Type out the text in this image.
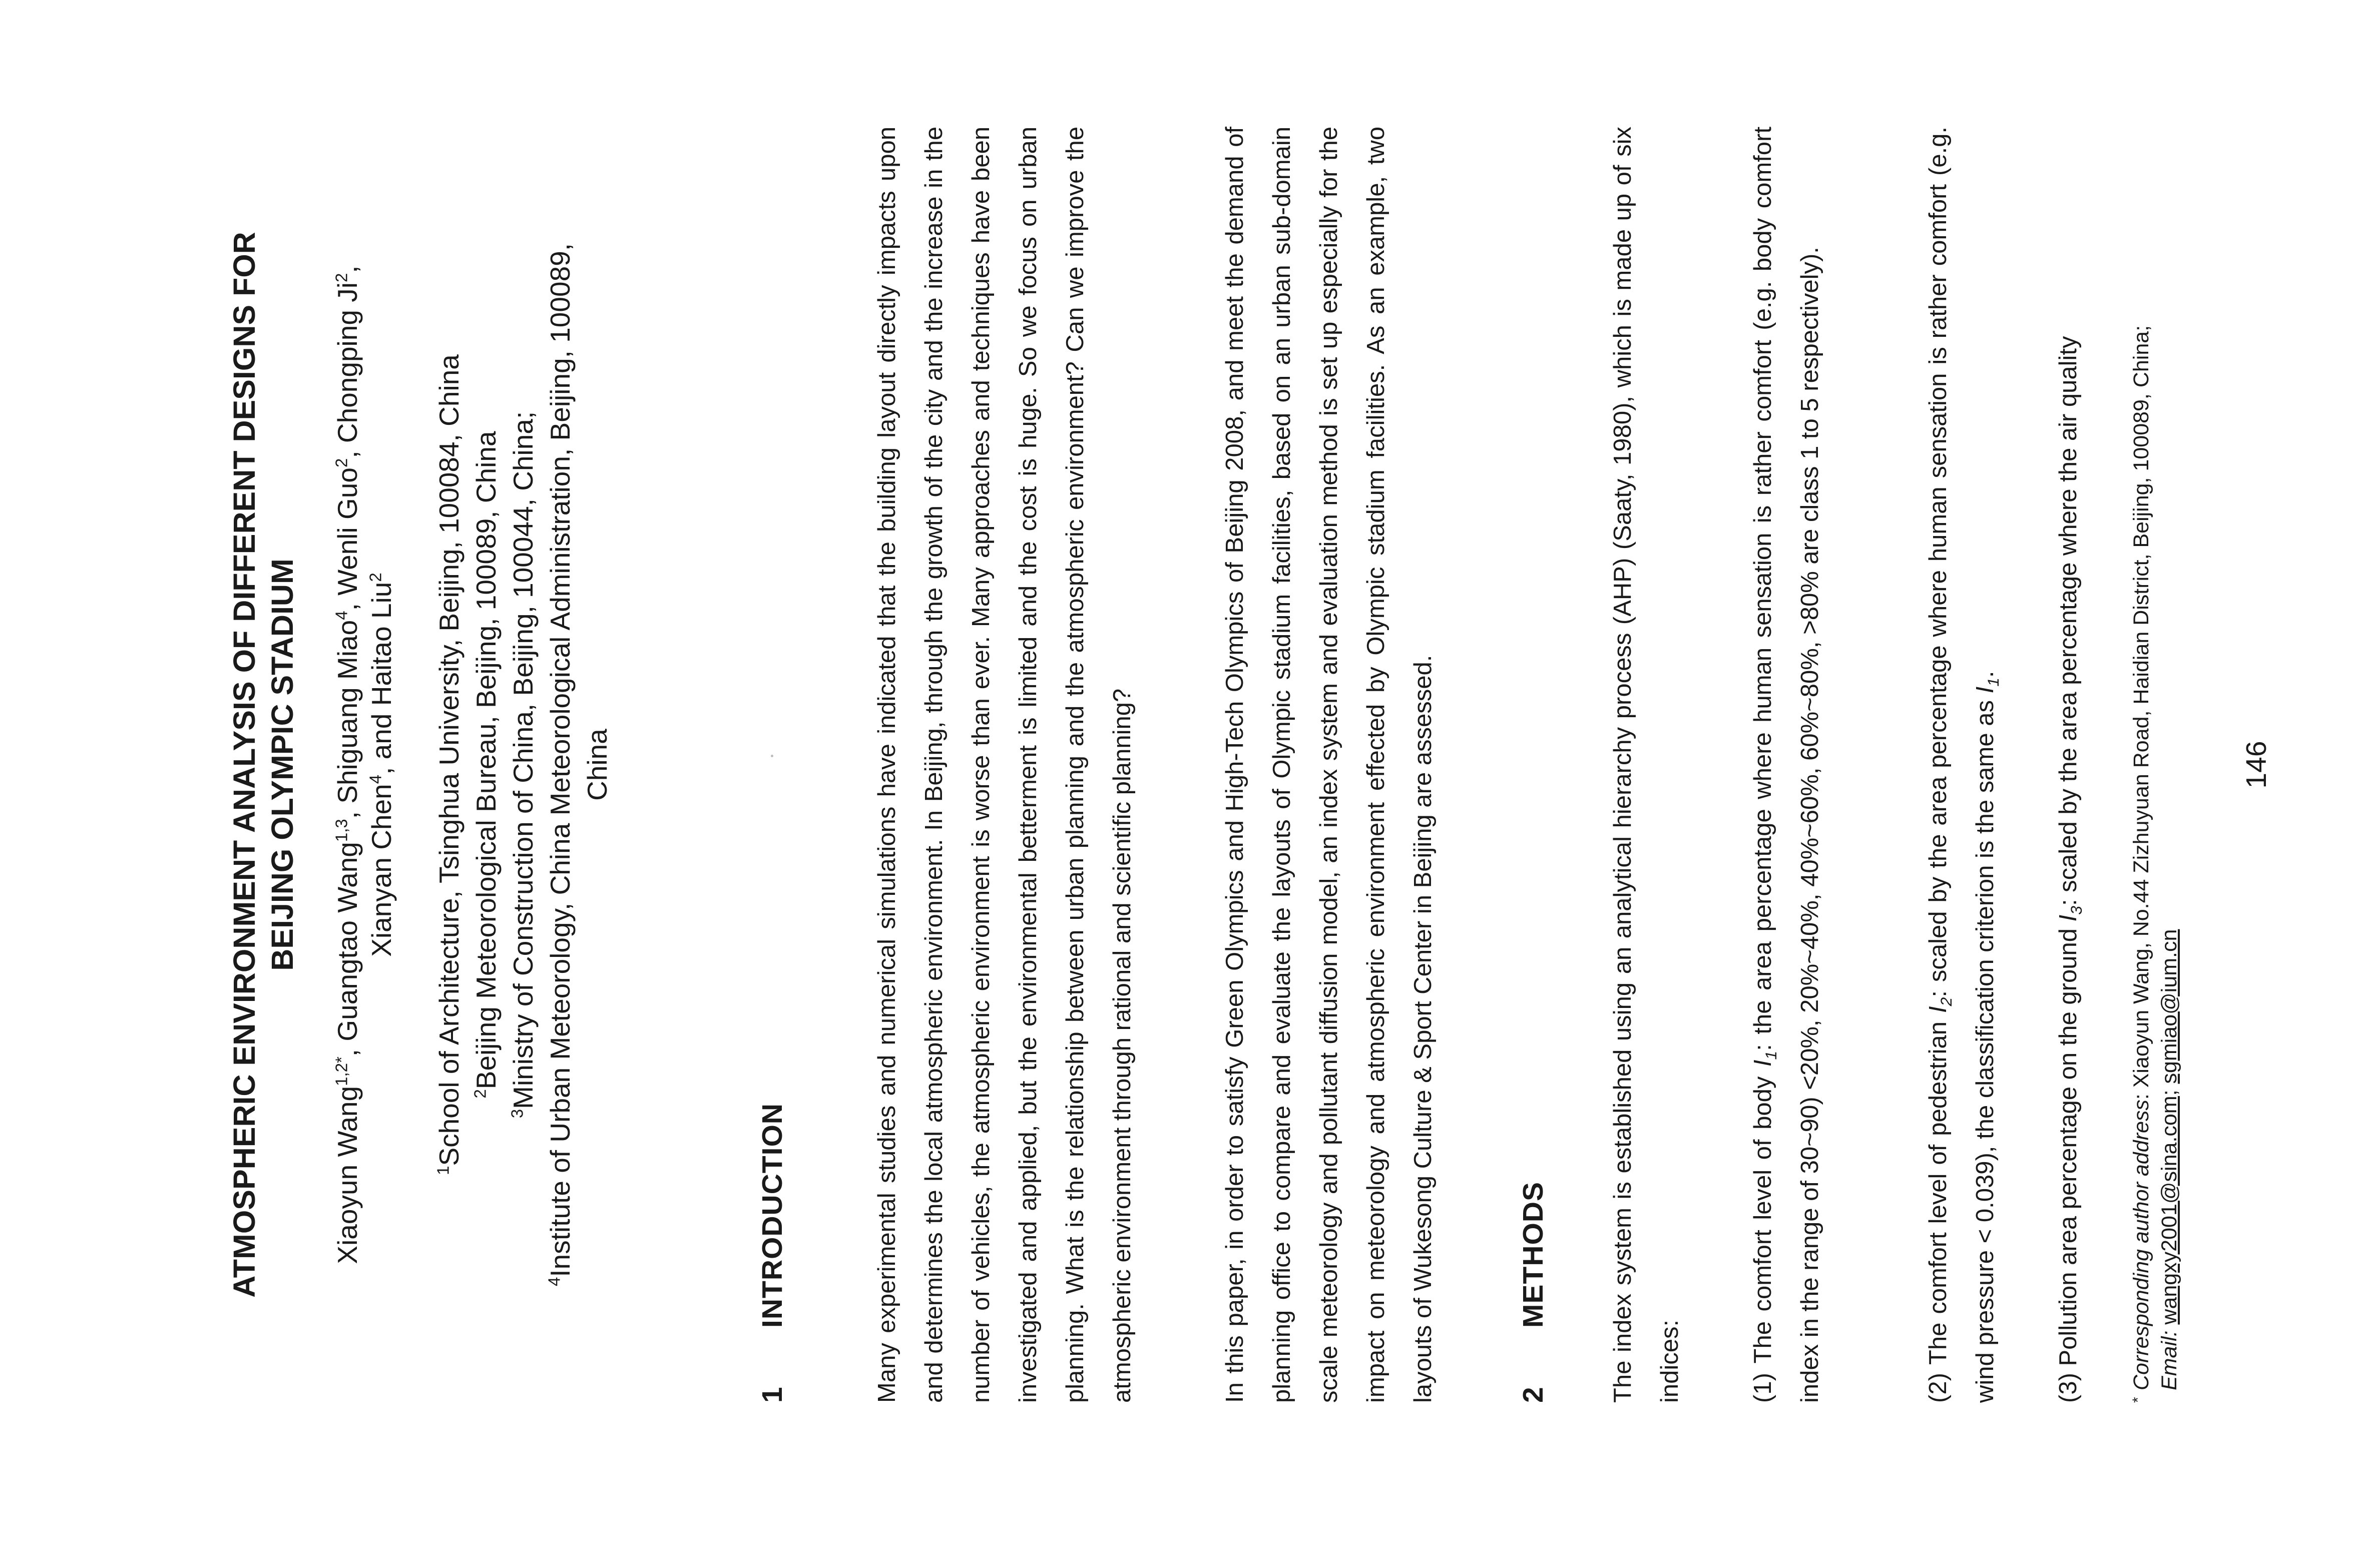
ATMOSPHERIC ENVIRONMENT ANALYSIS OF DIFFERENT DESIGNS FOR BEIJING OLYMPIC STADIUM
Xiaoyun Wang$^{1,2*}$, Guangtao Wang$^{1,3}$, Shiguang Miao$^4$, Wenli Guo$^2$, Chongping Ji$^2$,
Xianyan Chen$^4$, and Haitao Liu$^2$
$^1$School of Architecture, Tsinghua University, Beijing, 100084, China $^2$Beijing Meteorological Bureau, Beijing, 100089, China
$^3$Ministry of Construction of China, Beijing, 100044, China;
$^4$Institute of Urban Meteorology, China Meteorological Administration, Beijing, 100089, China
1INTRODUCTION	Many experimental studies and numerical simulations have indicated that the building layout directly impacts upon and determines the local atmospheric environment. In Beijing, through the growth of the city and the increase in the number of vehicles, the atmospheric environment is worse than ever. Many approaches and techniques have been investigated and applied, but the environmental betterment is limited and the cost is huge. So we focus on urban planning. What is the relationship between urban planning and the atmospheric environment? Can we improve the atmospheric environment through rational and scientific planning?	In this paper, in order to satisfy Green Olympics and High-Tech Olympics of Beijing 2008, and meet the demand of planning office to compare and evaluate the layouts of Olympic stadium facilities, based on an urban sub-domain scale meteorology and pollutant diffusion model, an index system and evaluation method is set up especially for the impact on meteorology and atmospheric environment effected by Olympic stadium facilities. As an example, two layouts of Wukesong Culture & Sport Center in Beijing are assessed.	2METHODS	The index system is established using an analytical hierarchy process (AHP) (Saaty, 1980), which is made up of six indices:	(1) The comfort level of body $I_1$: the area percentage where human sensation is rather comfort (e.g. body comfort index in the range of 30~90) <20%, 20%~40%, 40%~60%, 60%~80%, >80% are class 1 to 5 respectively).	(2) The comfort level of pedestrian $I_2$: scaled by the area percentage where human sensation is rather comfort (e.g. wind pressure < 0.039), the classification criterion is the same as $I_1$.
(3) Pollution area percentage on the ground $I_3$: scaled by the area percentage where the air quality
*
Corresponding author address: Xiaoyun Wang, No.44 Zizhuyuan Road, Haidian District, Beijing, 100089, China;
Email: wangxy2001@sina.com; sgmiao@ium.cn
146
